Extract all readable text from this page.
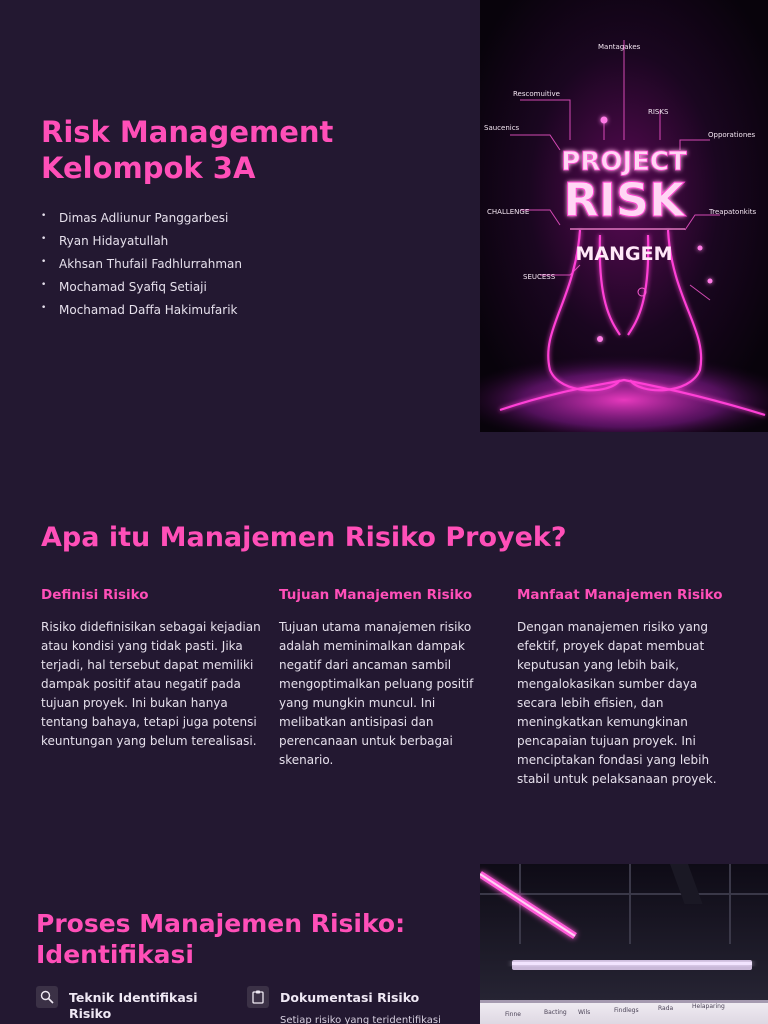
Risk Management Kelompok 3A
• Dimas Adliunur Panggarbesi
• Ryan Hidayatullah
• Akhsan Thufail Fadhlurrahman
• Mochamad Syafiq Setiaji
• Mochamad Daffa Hakimufarik
PROJECT
RISK
MANGEM
Mantagakes
Rescomuitive
RISKS
Saucenics
Opporationes
CHALLENGE	Treapatonkits
SEUCESS
Apa itu Manajemen Risiko Proyek?
Definisi Risiko

Risiko didefinisikan sebagai kejadian atau kondisi yang tidak pasti. Jika terjadi, hal tersebut dapat memiliki dampak positif atau negatif pada tujuan proyek. Ini bukan hanya tentang bahaya, tetapi juga potensi keuntungan yang belum terealisasi.

Tujuan Manajemen Risiko

Tujuan utama manajemen risiko adalah meminimalkan dampak negatif dari ancaman sambil mengoptimalkan peluang positif yang mungkin muncul. Ini melibatkan antisipasi dan perencanaan untuk berbagai skenario.

Manfaat Manajemen Risiko

Dengan manajemen risiko yang efektif, proyek dapat membuat keputusan yang lebih baik, mengalokasikan sumber daya secara lebih efisien, dan meningkatkan kemungkinan pencapaian tujuan proyek. Ini menciptakan fondasi yang lebih stabil untuk pelaksanaan proyek.

Proses Manajemen Risiko: Identifikasi
Teknik Identifikasi Risiko
Dokumentasi Risiko

Setiap risiko yang teridentifikasi

Finne	Bacting Wils	Findlegs	Rada	Helaparing
